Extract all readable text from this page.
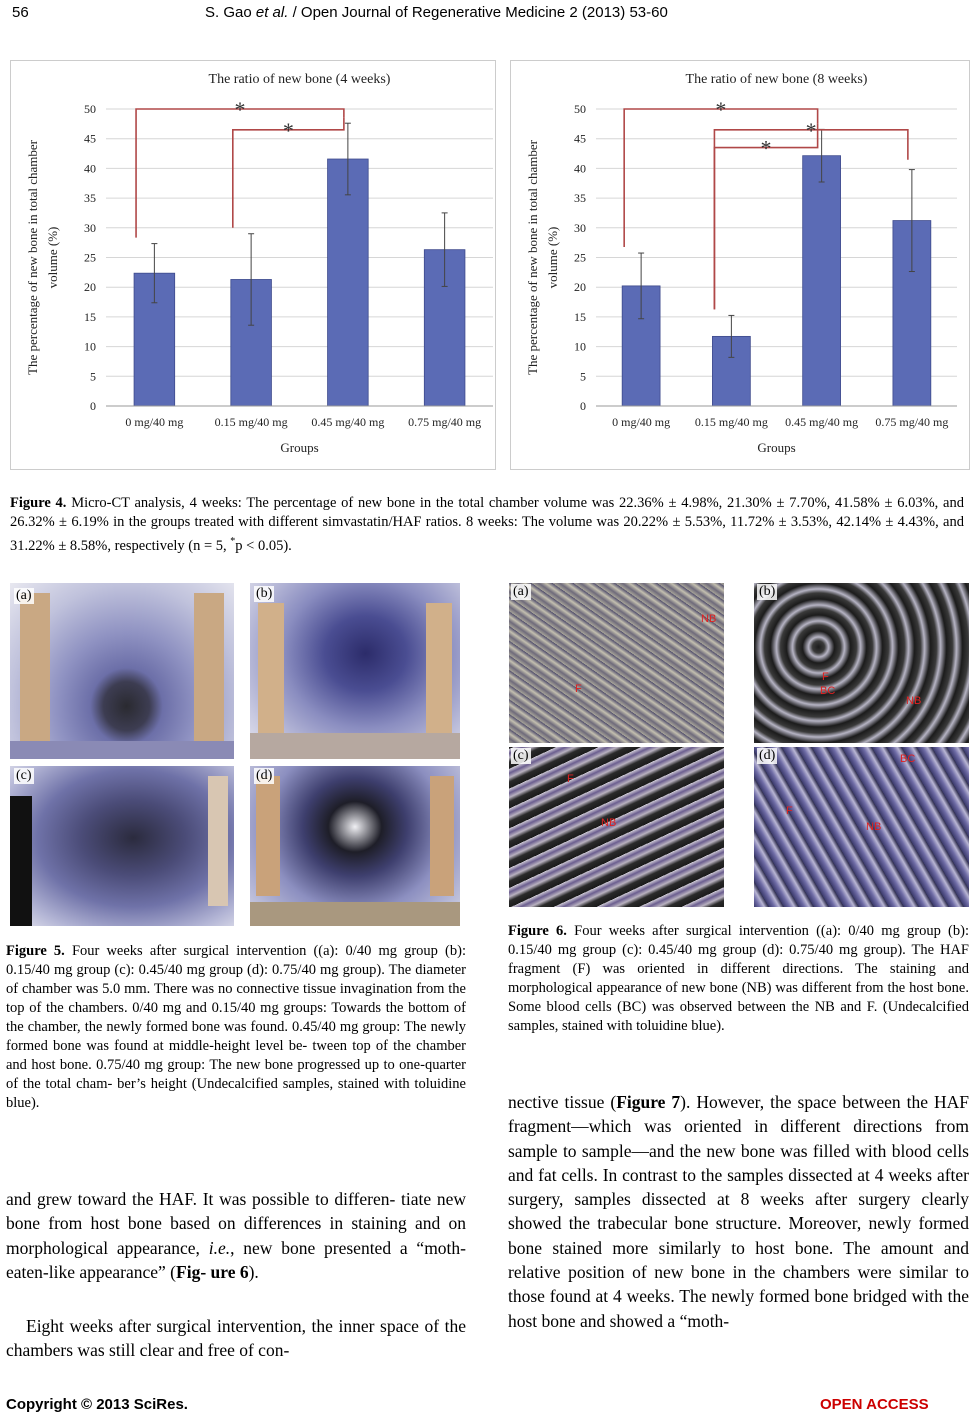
56	S. Gao et al. / Open Journal of Regenerative Medicine 2 (2013) 53-60
The ratio of new bone (4 weeks)
0
5
10
15
20
25
30
35
40
45
50
The percentage of new bone in total chamber volume (%)
0 mg/40 mg	0.15 mg/40 mg 0.45 mg/40 mg 0.75 mg/40 mg
Groups
*
*
The ratio of new bone (8 weeks)
0
5
10
15
20
25
30
35
40
45
50
The percentage of new bone in total chamber volume (%)
0 mg/40 mg 0.15 mg/40 mg 0.45 mg/40 mg 0.75 mg/40 mg
Groups
*
*
*
Figure 4. Micro-CT analysis, 4 weeks: The percentage of new bone in the total chamber volume was 22.36% ± 4.98%, 21.30% ± 7.70%, 41.58% ± 6.03%, and 26.32% ± 6.19% in the groups treated with different simvastatin/HAF ratios. 8 weeks: The volume was 20.22% ± 5.53%, 11.72% ± 3.53%, 42.14% ± 4.43%, and 31.22% ± 8.58%, respectively (n = 5, *p < 0.05).
(a)	(b)
(c)	(d)
Figure 5. Four weeks after surgical intervention ((a): 0/40 mg group (b): 0.15/40 mg group (c): 0.45/40 mg group (d): 0.75/40 mg group). The diameter of chamber was 5.0 mm. There was no connective tissue invagination from the top of the chambers. 0/40 mg and 0.15/40 mg groups: Towards the bottom of the chamber, the newly formed bone was found. 0.45/40 mg group: The newly formed bone was found at middle-height level be- tween top of the chamber and host bone. 0.75/40 mg group: The new bone progressed up to one-quarter of the total cham- ber’s height (Undecalcified samples, stained with toluidine blue).
NB
F
(a)
F
BC
NB
(b)
F
NB
(c)	BC
F
NB
(d)
Figure 6. Four weeks after surgical intervention ((a): 0/40 mg group (b): 0.15/40 mg group (c): 0.45/40 mg group (d): 0.75/40 mg group). The HAF fragment (F) was oriented in different directions. The staining and morphological appearance of new bone (NB) was different from the host bone. Some blood cells (BC) was observed between the NB and F. (Undecalcified samples, stained with toluidine blue).
and grew toward the HAF. It was possible to differen- tiate new bone from host bone based on differences in staining and on morphological appearance, i.e., new bone presented a “moth-eaten-like appearance” (Fig- ure 6).
Eight weeks after surgical intervention, the inner space of the chambers was still clear and free of con-
nective tissue (Figure 7). However, the space between the HAF fragment—which was oriented in different directions from sample to sample—and the new bone was filled with blood cells and fat cells. In contrast to the samples dissected at 4 weeks after surgery, samples dissected at 8 weeks after surgery clearly showed the trabecular bone structure. Moreover, newly formed bone stained more similarly to host bone. The amount and relative position of new bone in the chambers were similar to those found at 4 weeks. The newly formed bone bridged with the host bone and showed a “moth-
Copyright © 2013 SciRes.	OPEN ACCESS
